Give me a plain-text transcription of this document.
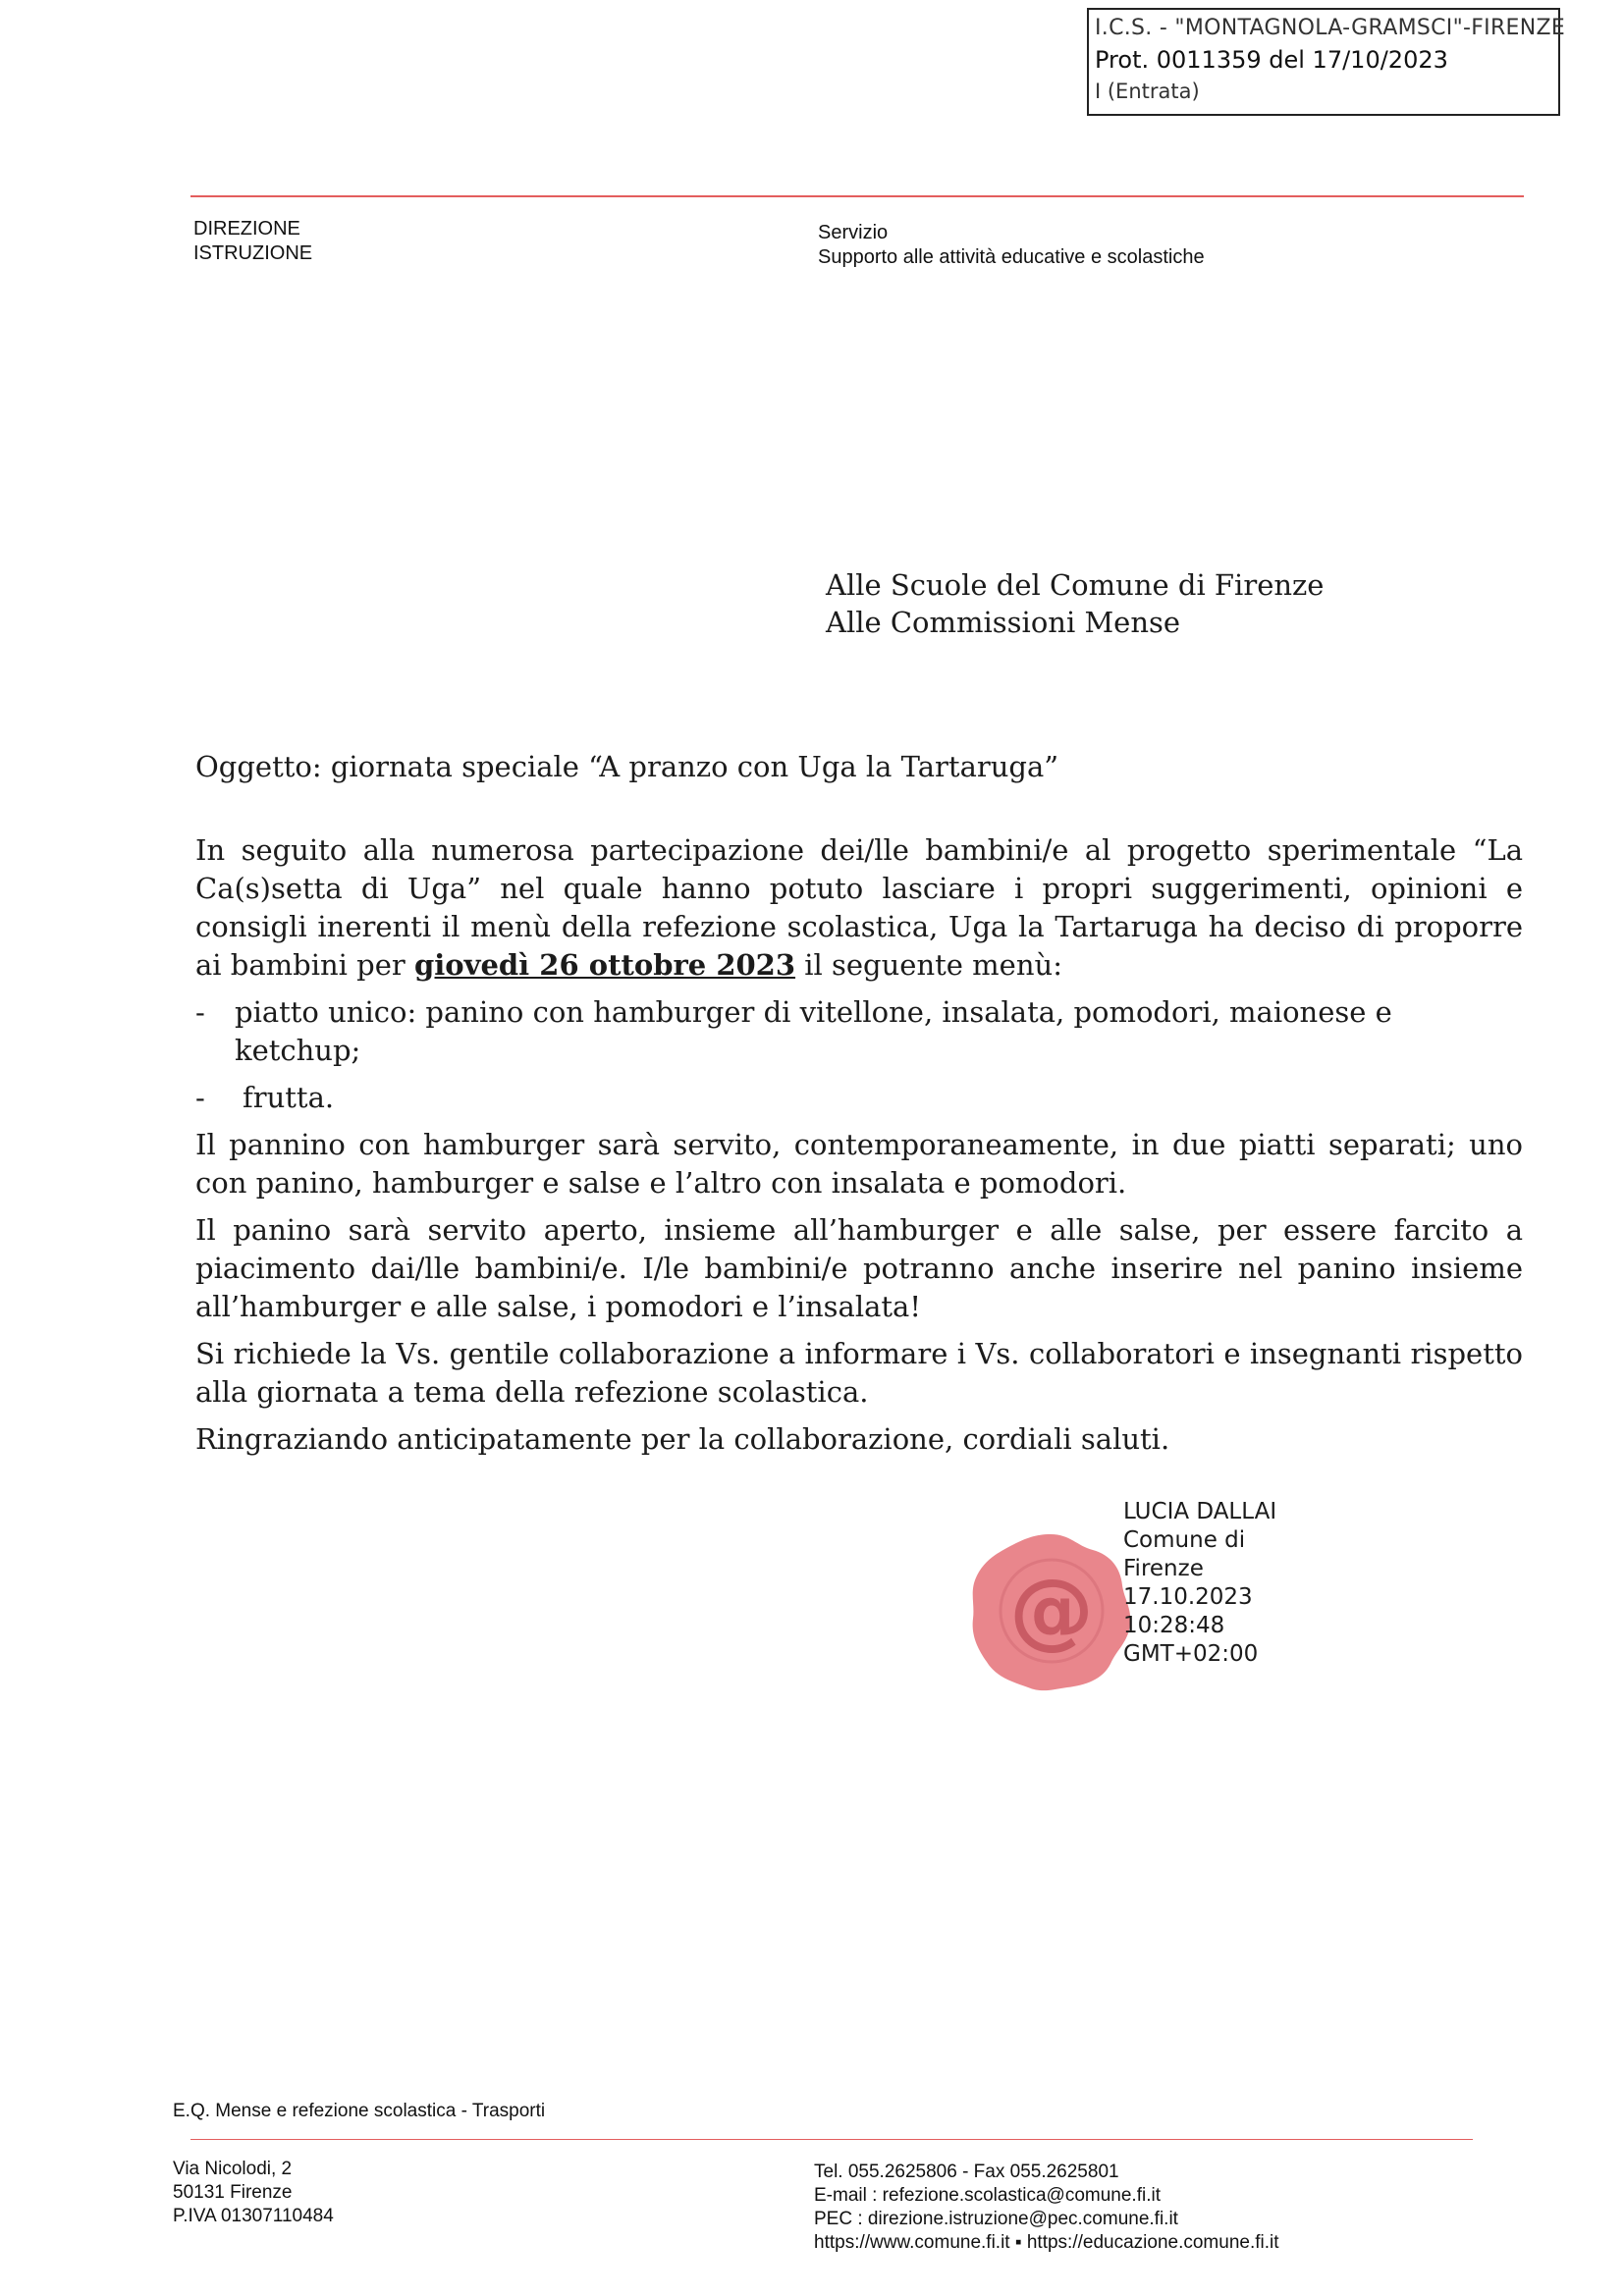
I.C.S. - "MONTAGNOLA-GRAMSCI"-FIRENZE
Prot. 0011359 del 17/10/2023
I (Entrata)
DIREZIONE
ISTRUZIONE
Servizio
Supporto alle attività educative e scolastiche
Alle Scuole del Comune di Firenze
Alle Commissioni Mense
Oggetto: giornata speciale “A pranzo con Uga la Tartaruga”

In seguito alla numerosa partecipazione dei/lle bambini/e al progetto sperimentale “La Ca(s)setta di Uga” nel quale hanno potuto lasciare i propri suggerimenti, opinioni e consigli inerenti il menù della refezione scolastica, Uga la Tartaruga ha deciso di proporre ai bambini per giovedì 26 ottobre 2023 il seguente menù:

-	piatto unico: panino con hamburger di vitellone, insalata, pomodori, maionese e ketchup;
-	frutta.

Il pannino con hamburger sarà servito, contemporaneamente, in due piatti separati; uno con panino, hamburger e salse e l’altro con insalata e pomodori.

Il panino sarà servito aperto, insieme all’hamburger e alle salse, per essere farcito a piacimento dai/lle bambini/e. I/le bambini/e potranno anche inserire nel panino insieme all’hamburger e alle salse, i pomodori e l’insalata!

Si richiede la Vs. gentile collaborazione a informare i Vs. collaboratori e insegnanti rispetto alla giornata a tema della refezione scolastica.

Ringraziando anticipatamente per la collaborazione, cordiali saluti.

@
LUCIA DALLAI
Comune di
Firenze
17.10.2023
10:28:48
GMT+02:00
E.Q. Mense e refezione scolastica - Trasporti
Via Nicolodi, 2
50131 Firenze
P.IVA 01307110484
Tel. 055.2625806 - Fax 055.2625801
E-mail : refezione.scolastica@comune.fi.it
PEC : direzione.istruzione@pec.comune.fi.it
https://www.comune.fi.it ▪ https://educazione.comune.fi.it
